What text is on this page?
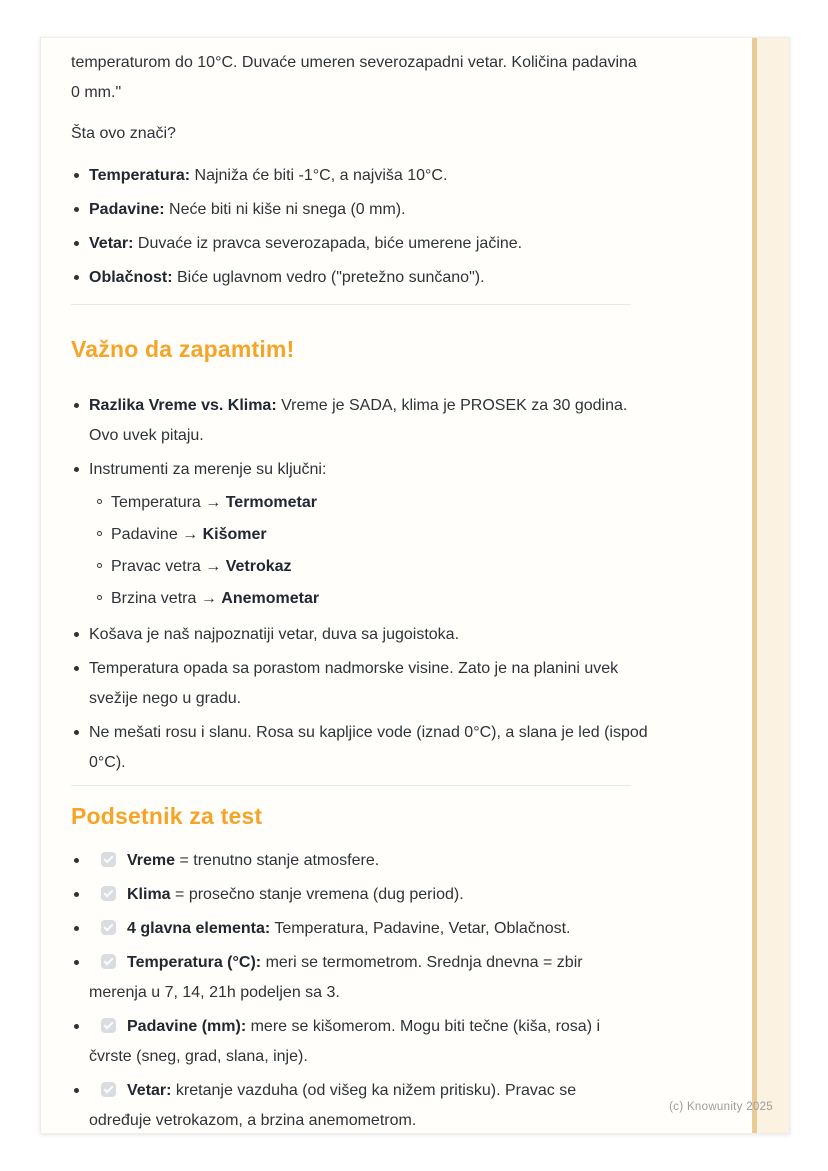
temperaturom do 10°C. Duvaće umeren severozapadni vetar. Količina padavina
0 mm."

Šta ovo znači?

Temperatura: Najniža će biti -1°C, a najviša 10°C.
Padavine: Neće biti ni kiše ni snega (0 mm).
Vetar: Duvaće iz pravca severozapada, biće umerene jačine.
Oblačnost: Biće uglavnom vedro ("pretežno sunčano").
Važno da zapamtim!
Razlika Vreme vs. Klima: Vreme je SADA, klima je PROSEK za 30 godina. Ovo uvek pitaju.
Instrumenti za merenje su ključni:
Temperatura → Termometar
Padavine → Kišomer
Pravac vetra → Vetrokaz
Brzina vetra → Anemometar
Košava je naš najpoznatiji vetar, duva sa jugoistoka.
Temperatura opada sa porastom nadmorske visine. Zato je na planini uvek svežije nego u gradu.
Ne mešati rosu i slanu. Rosa su kapljice vode (iznad 0°C), a slana je led (ispod 0°C).
Podsetnik za test
Vreme = trenutno stanje atmosfere.
Klima = prosečno stanje vremena (dug period).
4 glavna elementa: Temperatura, Padavine, Vetar, Oblačnost.
Temperatura (°C): meri se termometrom. Srednja dnevna = zbir merenja u 7, 14, 21h podeljen sa 3.
Padavine (mm): mere se kišomerom. Mogu biti tečne (kiša, rosa) i čvrste (sneg, grad, slana, inje).
Vetar: kretanje vazduha (od višeg ka nižem pritisku). Pravac se određuje vetrokazom, a brzina anemometrom.
(c) Knowunity 2025
